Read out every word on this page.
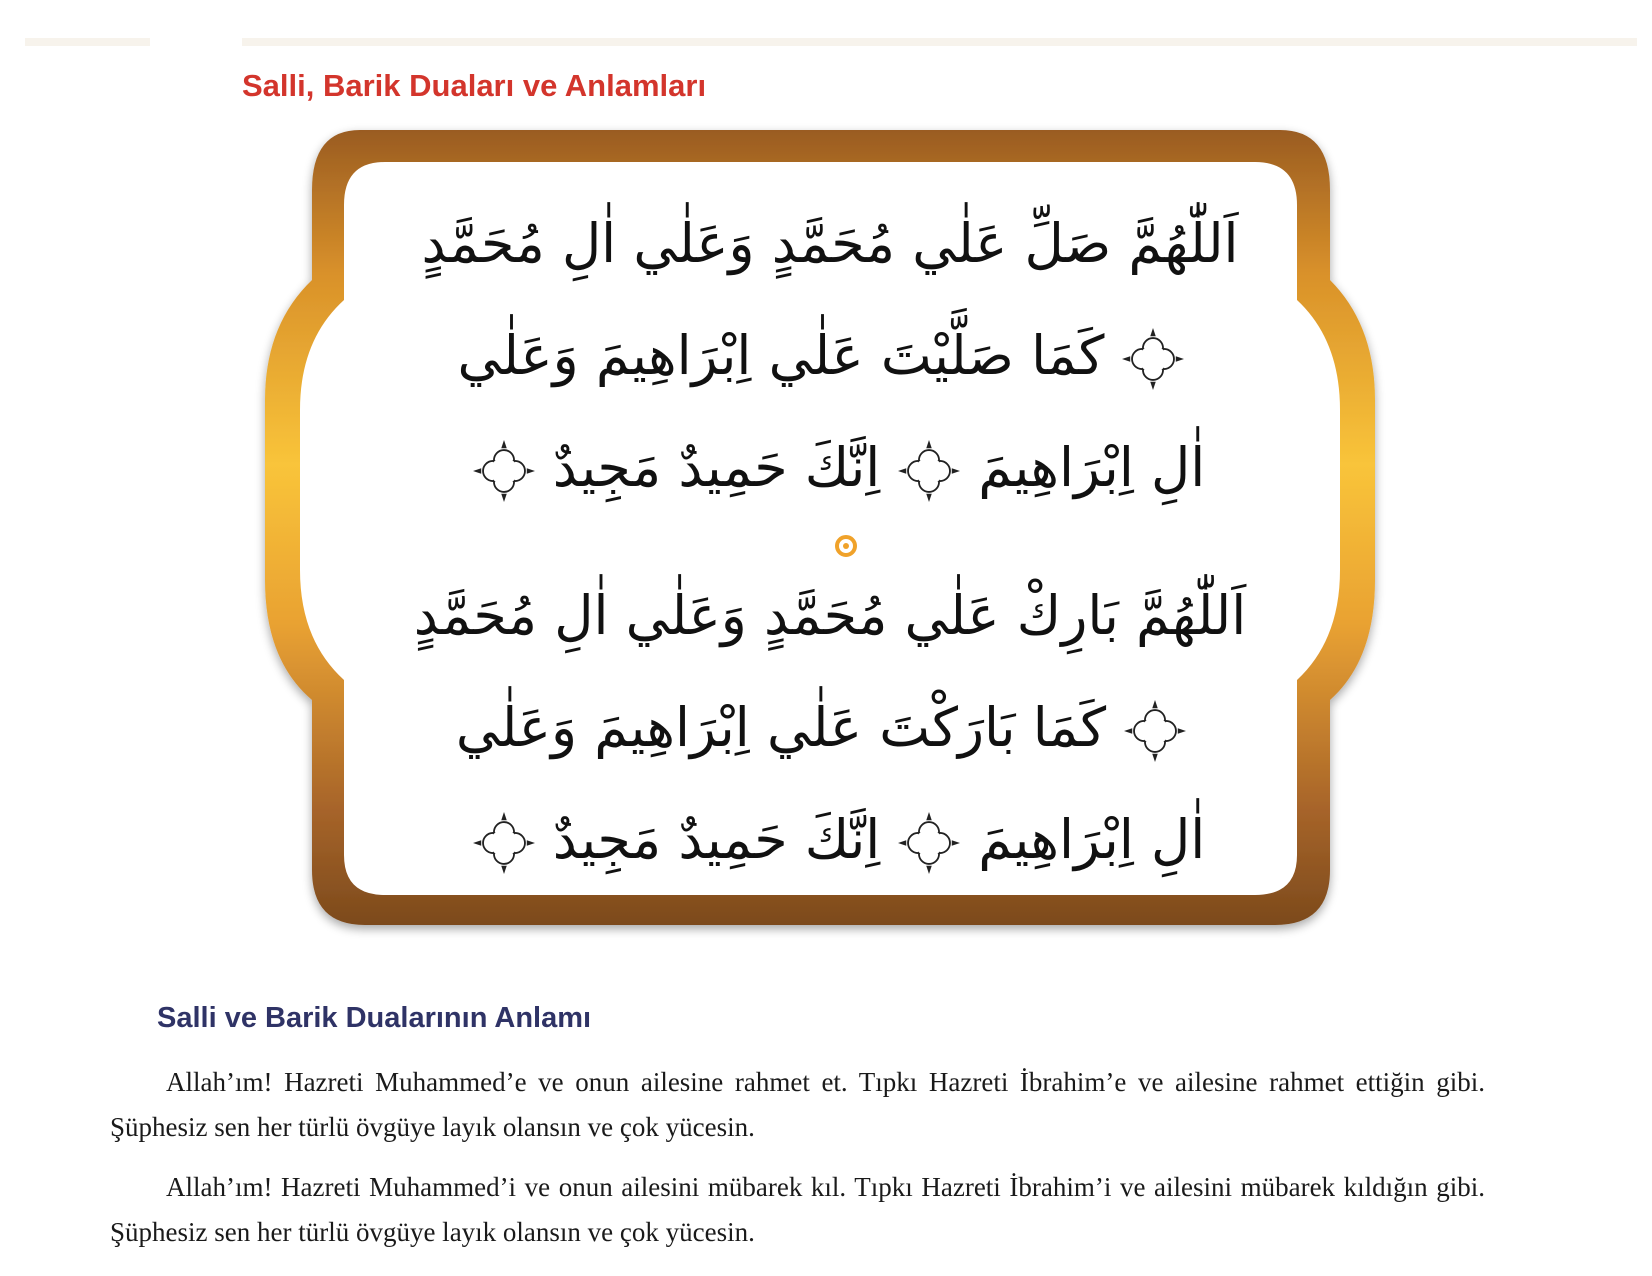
Salli, Barik Duaları ve Anlamları
اَللّٰهُمَّ صَلِّ عَلٰي مُحَمَّدٍ وَعَلٰي اٰلِ مُحَمَّدٍ
كَمَا صَلَّيْتَ عَلٰي اِبْرَاهِيمَ وَعَلٰي
اٰلِ اِبْرَاهِيمَاِنَّكَ حَمِيدٌ مَجِيدٌ
اَللّٰهُمَّ بَارِكْ عَلٰي مُحَمَّدٍ وَعَلٰي اٰلِ مُحَمَّدٍ
كَمَا بَارَكْتَ عَلٰي اِبْرَاهِيمَ وَعَلٰي
اٰلِ اِبْرَاهِيمَاِنَّكَ حَمِيدٌ مَجِيدٌ
Salli ve Barik Dualarının Anlamı

Allah’ım! Hazreti Muhammed’e ve onun ailesine rahmet et. Tıpkı Hazreti İbrahim’e ve ailesine rahmet ettiğin gibi. Şüphesiz sen her türlü övgüye layık olansın ve çok yücesin.

Allah’ım! Hazreti Muhammed’i ve onun ailesini mübarek kıl. Tıpkı Hazreti İbrahim’i ve ailesini mübarek kıldığın gibi. Şüphesiz sen her türlü övgüye layık olansın ve çok yücesin.
